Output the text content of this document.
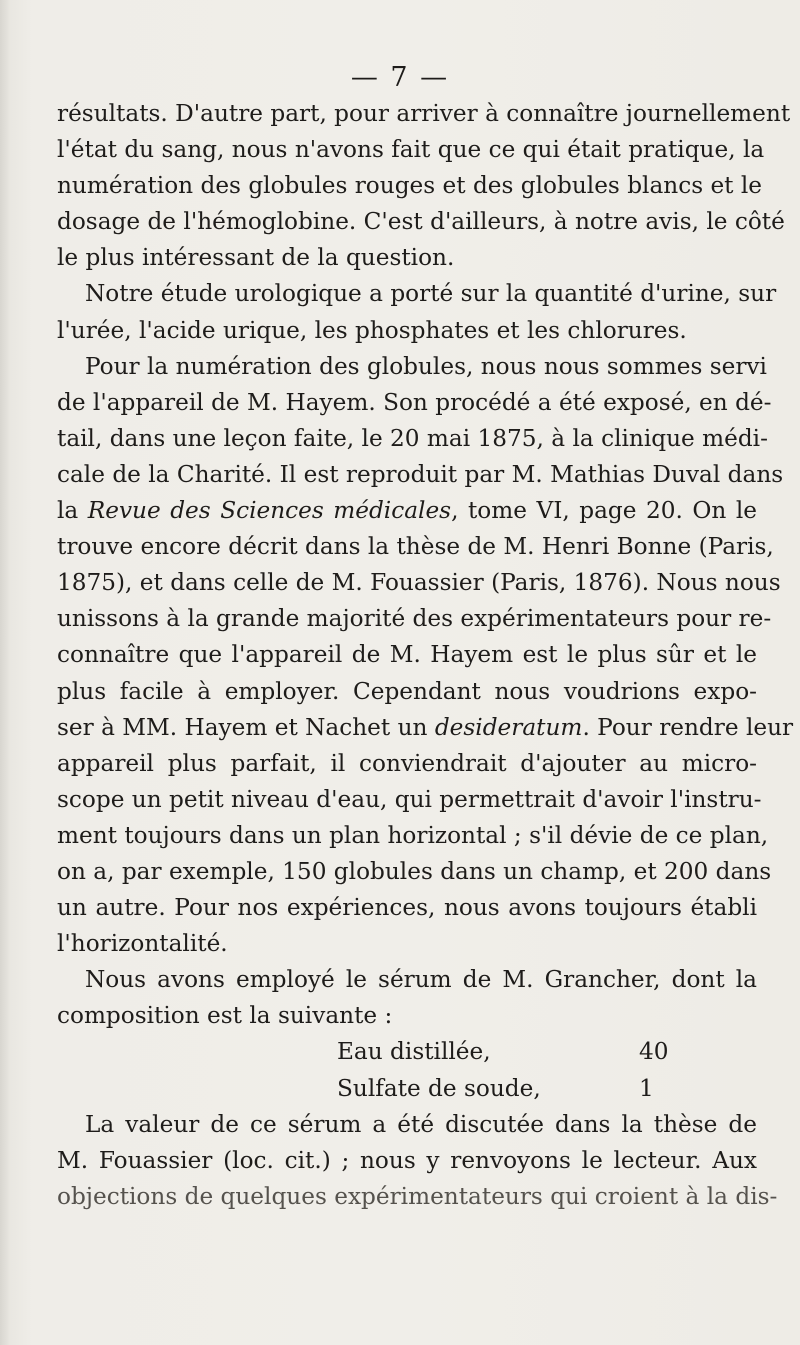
— 7 —
résultats. D'autre part, pour arriver à connaître journellement
l'état du sang, nous n'avons fait que ce qui était pratique, la
numération des globules rouges et des globules blancs et le
dosage de l'hémoglobine. C'est d'ailleurs, à notre avis, le côté
le plus intéressant de la question.
Notre étude urologique a porté sur la quantité d'urine, sur
l'urée, l'acide urique, les phosphates et les chlorures.
Pour la numération des globules, nous nous sommes servi
de l'appareil de M. Hayem. Son procédé a été exposé, en dé-
tail, dans une leçon faite, le 20 mai 1875, à la clinique médi-
cale de la Charité. Il est reproduit par M. Mathias Duval dans
la Revue des Sciences médicales, tome VI, page 20. On le
trouve encore décrit dans la thèse de M. Henri Bonne (Paris,
1875), et dans celle de M. Fouassier (Paris, 1876). Nous nous
unissons à la grande majorité des expérimentateurs pour re-
connaître que l'appareil de M. Hayem est le plus sûr et le
plus facile à employer. Cependant nous voudrions expo-
ser à MM. Hayem et Nachet un desideratum. Pour rendre leur
appareil plus parfait, il conviendrait d'ajouter au micro-
scope un petit niveau d'eau, qui permettrait d'avoir l'instru-
ment toujours dans un plan horizontal ; s'il dévie de ce plan,
on a, par exemple, 150 globules dans un champ, et 200 dans
un autre. Pour nos expériences, nous avons toujours établi
l'horizontalité.
Nous avons employé le sérum de M. Grancher, dont la
composition est la suivante :
Eau distillée,	40
Sulfate de soude,	1
La valeur de ce sérum a été discutée dans la thèse de
M. Fouassier (loc. cit.) ; nous y renvoyons le lecteur. Aux
objections de quelques expérimentateurs qui croient à la dis-
